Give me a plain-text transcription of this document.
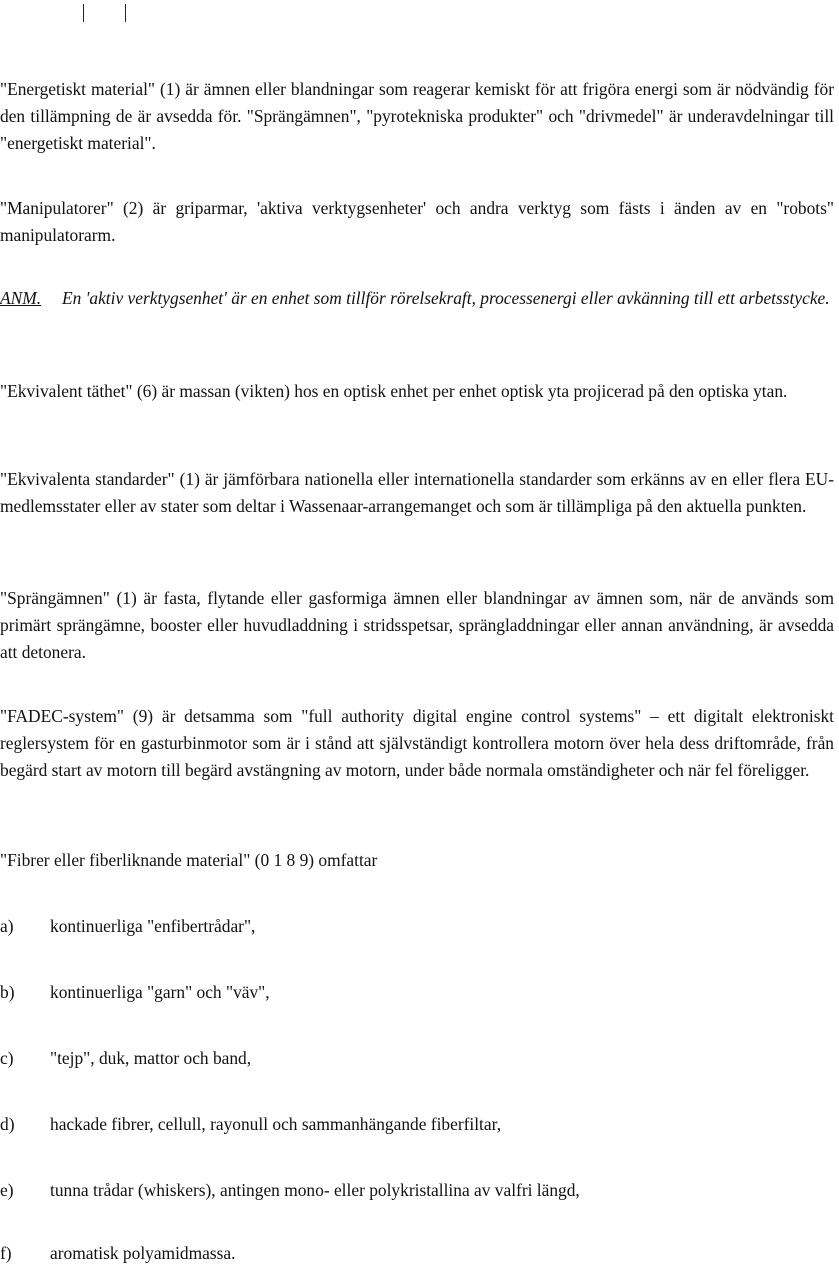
"Energetiskt material" (1) är ämnen eller blandningar som reagerar kemiskt för att frigöra energi som är nödvändig för den tillämpning de är avsedda för. "Sprängämnen", "pyrotekniska produkter" och "drivmedel" är underavdelningar till "energetiskt material".

"Manipulatorer" (2) är griparmar, 'aktiva verktygsenheter' och andra verktyg som fästs i änden av en "robots" manipulatorarm.

ANM.	En 'aktiv verktygsenhet' är en enhet som tillför rörelsekraft, processenergi eller avkänning till ett arbetsstycke.

"Ekvivalent täthet" (6) är massan (vikten) hos en optisk enhet per enhet optisk yta projicerad på den optiska ytan.

"Ekvivalenta standarder" (1) är jämförbara nationella eller internationella standarder som erkänns av en eller flera EU-medlemsstater eller av stater som deltar i Wassenaar-arrangemanget och som är tillämpliga på den aktuella punkten.

"Sprängämnen" (1) är fasta, flytande eller gasformiga ämnen eller blandningar av ämnen som, när de används som primärt sprängämne, booster eller huvudladdning i stridsspetsar, sprängladdningar eller annan användning, är avsedda att detonera.

"FADEC-system" (9) är detsamma som "full authority digital engine control systems" – ett digitalt elektroniskt reglersystem för en gasturbinmotor som är i stånd att självständigt kontrollera motorn över hela dess driftområde, från begärd start av motorn till begärd avstängning av motorn, under både normala omständigheter och när fel föreligger.

"Fibrer eller fiberliknande material" (0 1 8 9) omfattar

a)	kontinuerliga "enfibertrådar",
b)	kontinuerliga "garn" och "väv",
c)	"tejp", duk, mattor och band,
d)	hackade fibrer, cellull, rayonull och sammanhängande fiberfiltar,
e)	tunna trådar (whiskers), antingen mono- eller polykristallina av valfri längd,
f)	aromatisk polyamidmassa.
